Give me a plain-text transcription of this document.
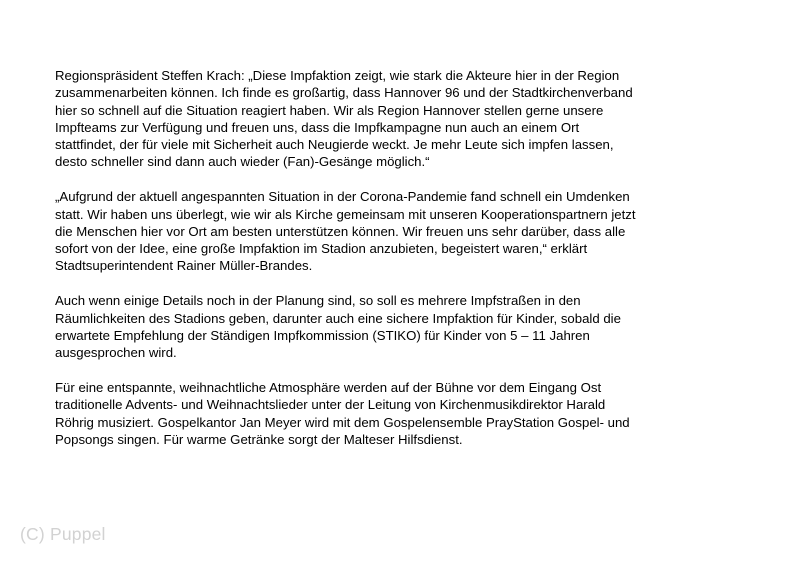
Regionspräsident Steffen Krach: „Diese Impfaktion zeigt, wie stark die Akteure hier in der Region
zusammenarbeiten können. Ich finde es großartig, dass Hannover 96 und der Stadtkirchenverband
hier so schnell auf die Situation reagiert haben. Wir als Region Hannover stellen gerne unsere
Impfteams zur Verfügung und freuen uns, dass die Impfkampagne nun auch an einem Ort
stattfindet, der für viele mit Sicherheit auch Neugierde weckt. Je mehr Leute sich impfen lassen,
desto schneller sind dann auch wieder (Fan)-Gesänge möglich.“

„Aufgrund der aktuell angespannten Situation in der Corona-Pandemie fand schnell ein Umdenken
statt. Wir haben uns überlegt, wie wir als Kirche gemeinsam mit unseren Kooperationspartnern jetzt
die Menschen hier vor Ort am besten unterstützen können. Wir freuen uns sehr darüber, dass alle
sofort von der Idee, eine große Impfaktion im Stadion anzubieten, begeistert waren,“ erklärt
Stadtsuperintendent Rainer Müller-Brandes.

Auch wenn einige Details noch in der Planung sind, so soll es mehrere Impfstraßen in den
Räumlichkeiten des Stadions geben, darunter auch eine sichere Impfaktion für Kinder, sobald die
erwartete Empfehlung der Ständigen Impfkommission (STIKO) für Kinder von 5 – 11 Jahren
ausgesprochen wird.

Für eine entspannte, weihnachtliche Atmosphäre werden auf der Bühne vor dem Eingang Ost
traditionelle Advents- und Weihnachtslieder unter der Leitung von Kirchenmusikdirektor Harald
Röhrig musiziert. Gospelkantor Jan Meyer wird mit dem Gospelensemble PrayStation Gospel- und
Popsongs singen. Für warme Getränke sorgt der Malteser Hilfsdienst.

(C) Puppel
